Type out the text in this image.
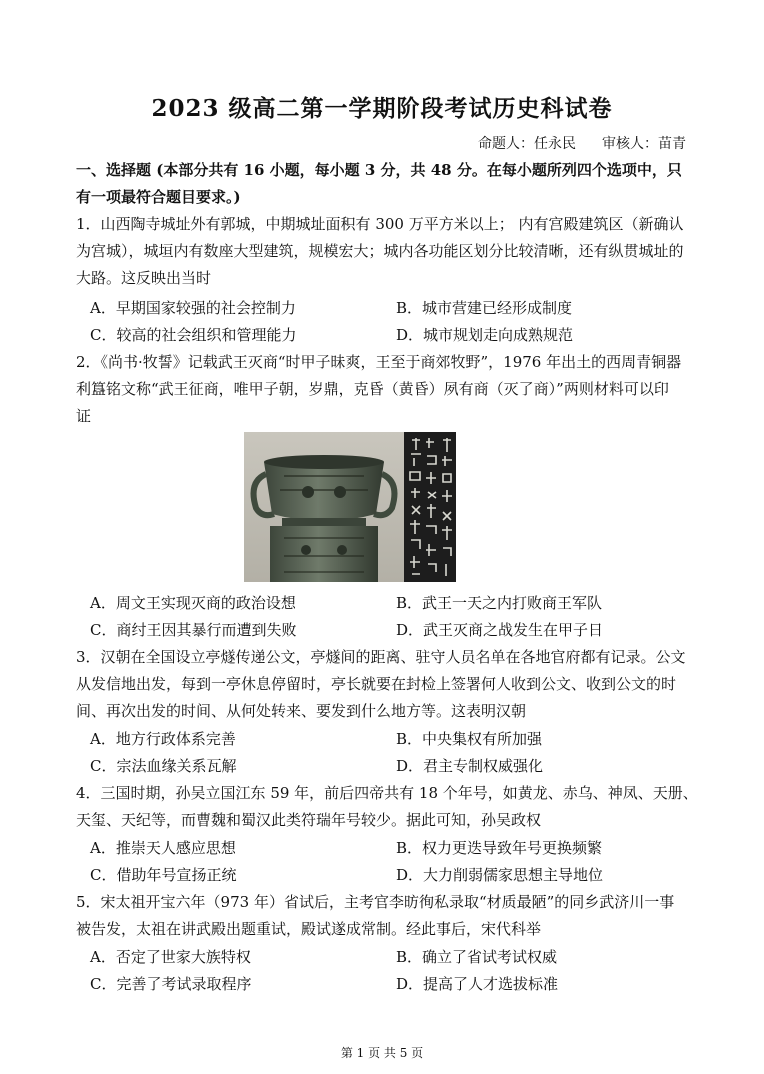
2023 级高二第一学期阶段考试历史科试卷
命题人：任永民 审核人：苗青
一、选择题 (本部分共有 16 小题，每小题 3 分，共 48 分。在每小题所列四个选项中，只
有一项最符合题目要求。)
1．山西陶寺城址外有郭城，中期城址面积有 300 万平方米以上； 内有宫殿建筑区（新确认
为宫城），城垣内有数座大型建筑，规模宏大；城内各功能区划分比较清晰，还有纵贯城址的
大路。这反映出当时
A．早期国家较强的社会控制力	B．城市营建已经形成制度
C．较高的社会组织和管理能力	D．城市规划走向成熟规范
2．《尚书·牧誓》记载武王灭商“时甲子昧爽，王至于商郊牧野”，1976 年出土的西周青铜器
利簋铭文称“武王征商，唯甲子朝，岁鼎，克昏（黄昏）夙有商（灭了商）”两则材料可以印
证
A．周文王实现灭商的政治设想	B．武王一天之内打败商王军队
C．商纣王因其暴行而遭到失败	D．武王灭商之战发生在甲子日
3．汉朝在全国设立亭燧传递公文，亭燧间的距离、驻守人员名单在各地官府都有记录。公文
从发信地出发，每到一亭休息停留时，亭长就要在封检上签署何人收到公文、收到公文的时
间、再次出发的时间、从何处转来、要发到什么地方等。这表明汉朝
A．地方行政体系完善	B．中央集权有所加强
C．宗法血缘关系瓦解	D．君主专制权威强化
4．三国时期，孙吴立国江东 59 年，前后四帝共有 18 个年号，如黄龙、赤乌、神凤、天册、
天玺、天纪等，而曹魏和蜀汉此类符瑞年号较少。据此可知，孙吴政权
A．推崇天人感应思想	B．权力更迭导致年号更换频繁
C．借助年号宣扬正统	D．大力削弱儒家思想主导地位
5．宋太祖开宝六年（973 年）省试后，主考官李昉徇私录取“材质最陋”的同乡武济川一事
被告发，太祖在讲武殿出题重试，殿试遂成常制。经此事后，宋代科举
A．否定了世家大族特权	B．确立了省试考试权威
C．完善了考试录取程序	D．提高了人才选拔标准
第 1 页 共 5 页
